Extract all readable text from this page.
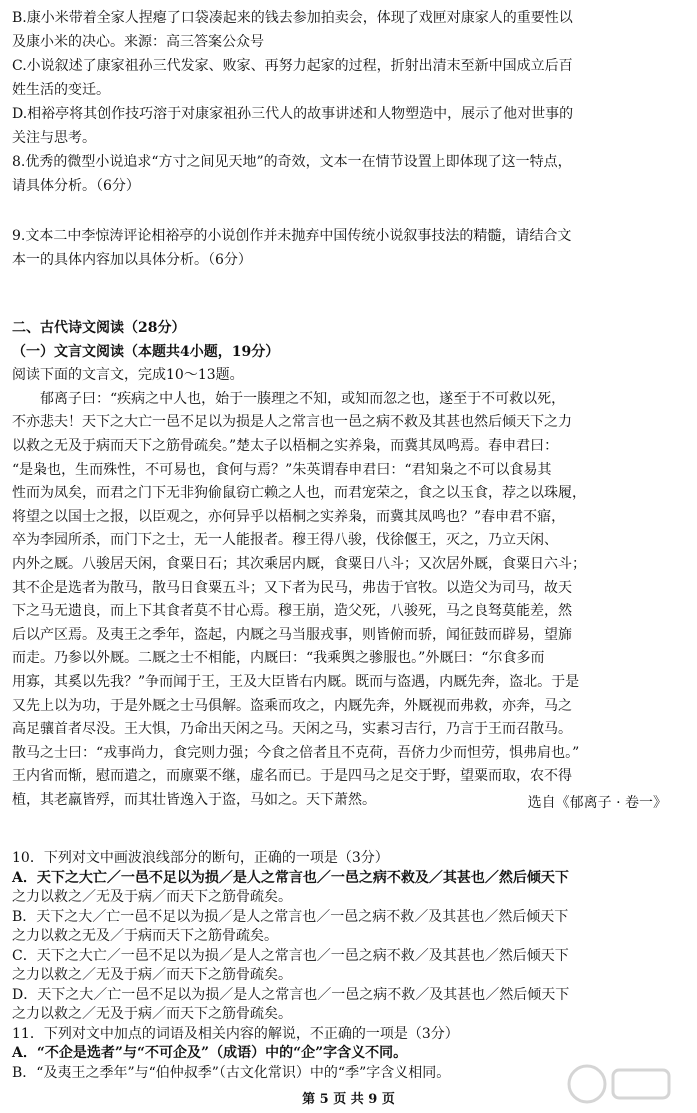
B.康小米带着全家人捏瘪了口袋凑起来的钱去参加拍卖会，体现了戏匣对康家人的重要性以
及康小米的决心。来源：高三答案公众号
C.小说叙述了康家祖孙三代发家、败家、再努力起家的过程，折射出清末至新中国成立后百
姓生活的变迁。
D.相裕亭将其创作技巧溶于对康家祖孙三代人的故事讲述和人物塑造中，展示了他对世事的
关注与思考。
8.优秀的微型小说追求“方寸之间见天地”的奇效，文本一在情节设置上即体现了这一特点，
请具体分析。（6分）
9.文本二中李惊涛评论相裕亭的小说创作并未抛弃中国传统小说叙事技法的精髓，请结合文
本一的具体内容加以具体分析。（6分）
二、古代诗文阅读（28分）
（一）文言文阅读（本题共4小题，19分）
阅读下面的文言文，完成10～13题。
郁离子曰：“疾病之中人也，始于一腠理之不知，或知而忽之也，遂至于不可救以死，
不亦悲夫！天下之大亡一邑不足以为损是人之常言也一邑之病不救及其甚也然后倾天下之力
以救之无及于病而天下之筋骨疏矣。”楚太子以梧桐之实养枭，而冀其凤鸣焉。春申君曰：
“是枭也，生而殊性，不可易也，食何与焉？”朱英谓春申君曰：“君知枭之不可以食易其
性而为凤矣，而君之门下无非狗偷鼠窃亡赖之人也，而君宠荣之，食之以玉食，荐之以珠履，
将望之以国士之报，以臣观之，亦何异乎以梧桐之实养枭，而冀其凤鸣也？”春申君不寤，
卒为李园所杀，而门下之士，无一人能报者。穆王得八骏，伐徐偃王，灭之，乃立天闲、
内外之厩。八骏居天闲，食粟日石；其次乘居内厩，食粟日八斗；又次居外厩，食粟日六斗；
其不企是选者为散马，散马日食粟五斗；又下者为民马，弗齿于官牧。以造父为司马，故天
下之马无遗良，而上下其食者莫不甘心焉。穆王崩，造父死，八骏死，马之良驽莫能差，然
后以产区焉。及夷王之季年，盗起，内厩之马当服戎事，则皆俯而骄，闻征鼓而辟易，望旆
而走。乃参以外厩。二厩之士不相能，内厩曰：“我乘舆之骖服也。”外厩曰：“尔食多而
用寡，其奚以先我？”争而闻于王，王及大臣皆右内厩。既而与盗遇，内厩先奔，盗北。于是
又先上以为功，于是外厩之士马俱解。盗乘而攻之，内厩先奔，外厩视而弗救，亦奔，马之
高足骧首者尽没。王大惧，乃命出天闲之马。天闲之马，实素习吉行，乃言于王而召散马。
散马之士曰：“戎事尚力，食完则力强；今食之倍者且不克荷，吾侪力少而怛劳，惧弗肩也。”
王内省而惭，慰而遣之，而廪粟不继，虚名而已。于是四马之足交于野，望粟而取，农不得
植，其老羸皆殍，而其壮皆逸入于盗，马如之。天下萧然。
10．下列对文中画波浪线部分的断句，正确的一项是（3分）
A．天下之大亡／一邑不足以为损／是人之常言也／一邑之病不救及／其甚也／然后倾天下
之力以救之／无及于病／而天下之筋骨疏矣。
B．天下之大／亡一邑不足以为损／是人之常言也／一邑之病不救／及其甚也／然后倾天下
之力以救之无及／于病而天下之筋骨疏矣。
C．天下之大亡／一邑不足以为损／是人之常言也／一邑之病不救／及其甚也／然后倾天下
之力以救之／无及于病／而天下之筋骨疏矣。
D．天下之大／亡一邑不足以为损／是人之常言也／一邑之病不救／及其甚也／然后倾天下
之力以救之／无及于病／而天下之筋骨疏矣。
11．下列对文中加点的词语及相关内容的解说，不正确的一项是（3分）
A．“不企是选者”与“不可企及”（成语）中的“企”字含义不同。
B．“及夷王之季年”与“伯仲叔季”（古文化常识）中的“季”字含义相同。
选自《郁离子 · 卷一》
第 5 页 共 9 页
